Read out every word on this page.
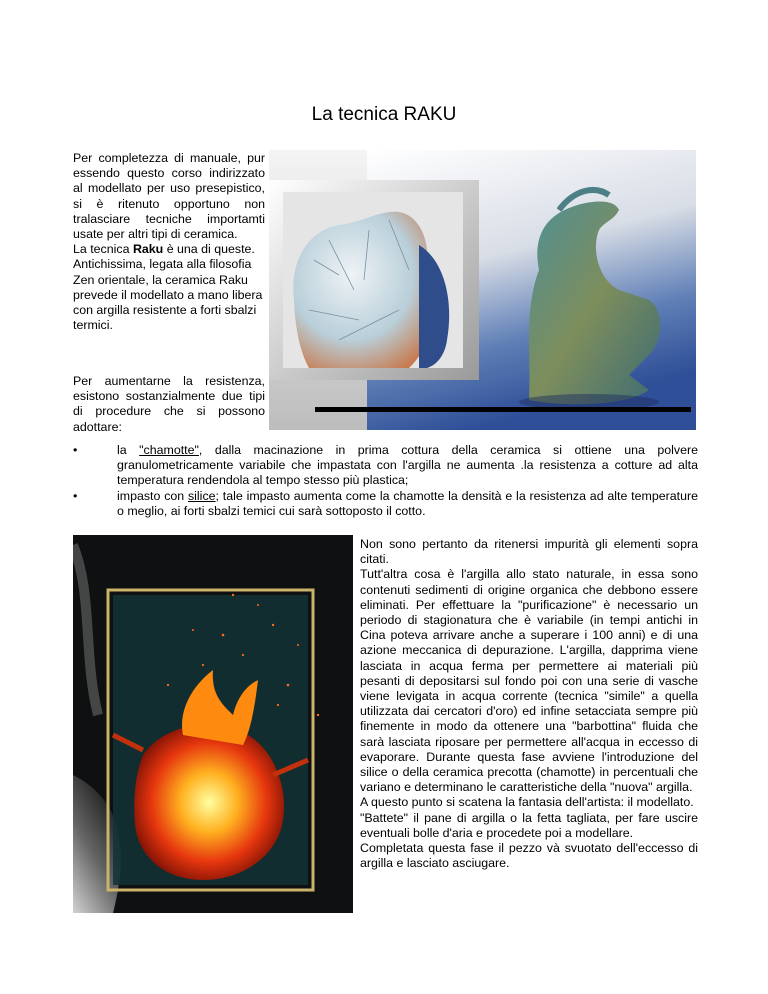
La tecnica RAKU

Per completezza di manuale, pur essendo questo corso indirizzato al modellato per uso presepistico, si è ritenuto opportuno non tralasciare tecniche importamti usate per altri tipi di ceramica.

La tecnica Raku è una di queste. Antichissima, legata alla filosofia Zen orientale, la ceramica Raku prevede il modellato a mano libera con argilla resistente a forti sbalzi termici.

Per aumentarne la resistenza, esistono sostanzialmente due tipi di procedure che si possono adottare:

•	la "chamotte", dalla macinazione in prima cottura della ceramica si ottiene una polvere granulometricamente variabile che impastata con l'argilla ne aumenta .la resistenza a cotture ad alta temperatura rendendola al tempo stesso più plastica;
•	impasto con silice; tale impasto aumenta come la chamotte la densità e la resistenza ad alte temperature o meglio, ai forti sbalzi temici cui sarà sottoposto il cotto.

Non sono pertanto da ritenersi impurità gli elementi sopra citati.

Tutt'altra cosa è l'argilla allo stato naturale, in essa sono contenuti sedimenti di origine organica che debbono essere eliminati. Per effettuare la "purificazione" è necessario un periodo di stagionatura che è variabile (in tempi antichi in Cina poteva arrivare anche a superare i 100 anni) e di una azione meccanica di depurazione. L'argilla, dapprima viene lasciata in acqua ferma per permettere ai materiali più pesanti di depositarsi sul fondo poi con una serie di vasche viene levigata in acqua corrente (tecnica "simile" a quella utilizzata dai cercatori d'oro) ed infine setacciata sempre più finemente in modo da ottenere una "barbottina" fluida che sarà lasciata riposare per permettere all'acqua in eccesso di evaporare. Durante questa fase avviene l'introduzione del silice o della ceramica precotta (chamotte) in percentuali che variano e determinano le caratteristiche della "nuova" argilla.

A questo punto si scatena la fantasia dell'artista: il modellato.

"Battete" il pane di argilla o la fetta tagliata, per fare uscire eventuali bolle d'aria e procedete poi a modellare.

Completata questa fase il pezzo và svuotato dell'eccesso di argilla e lasciato asciugare.
